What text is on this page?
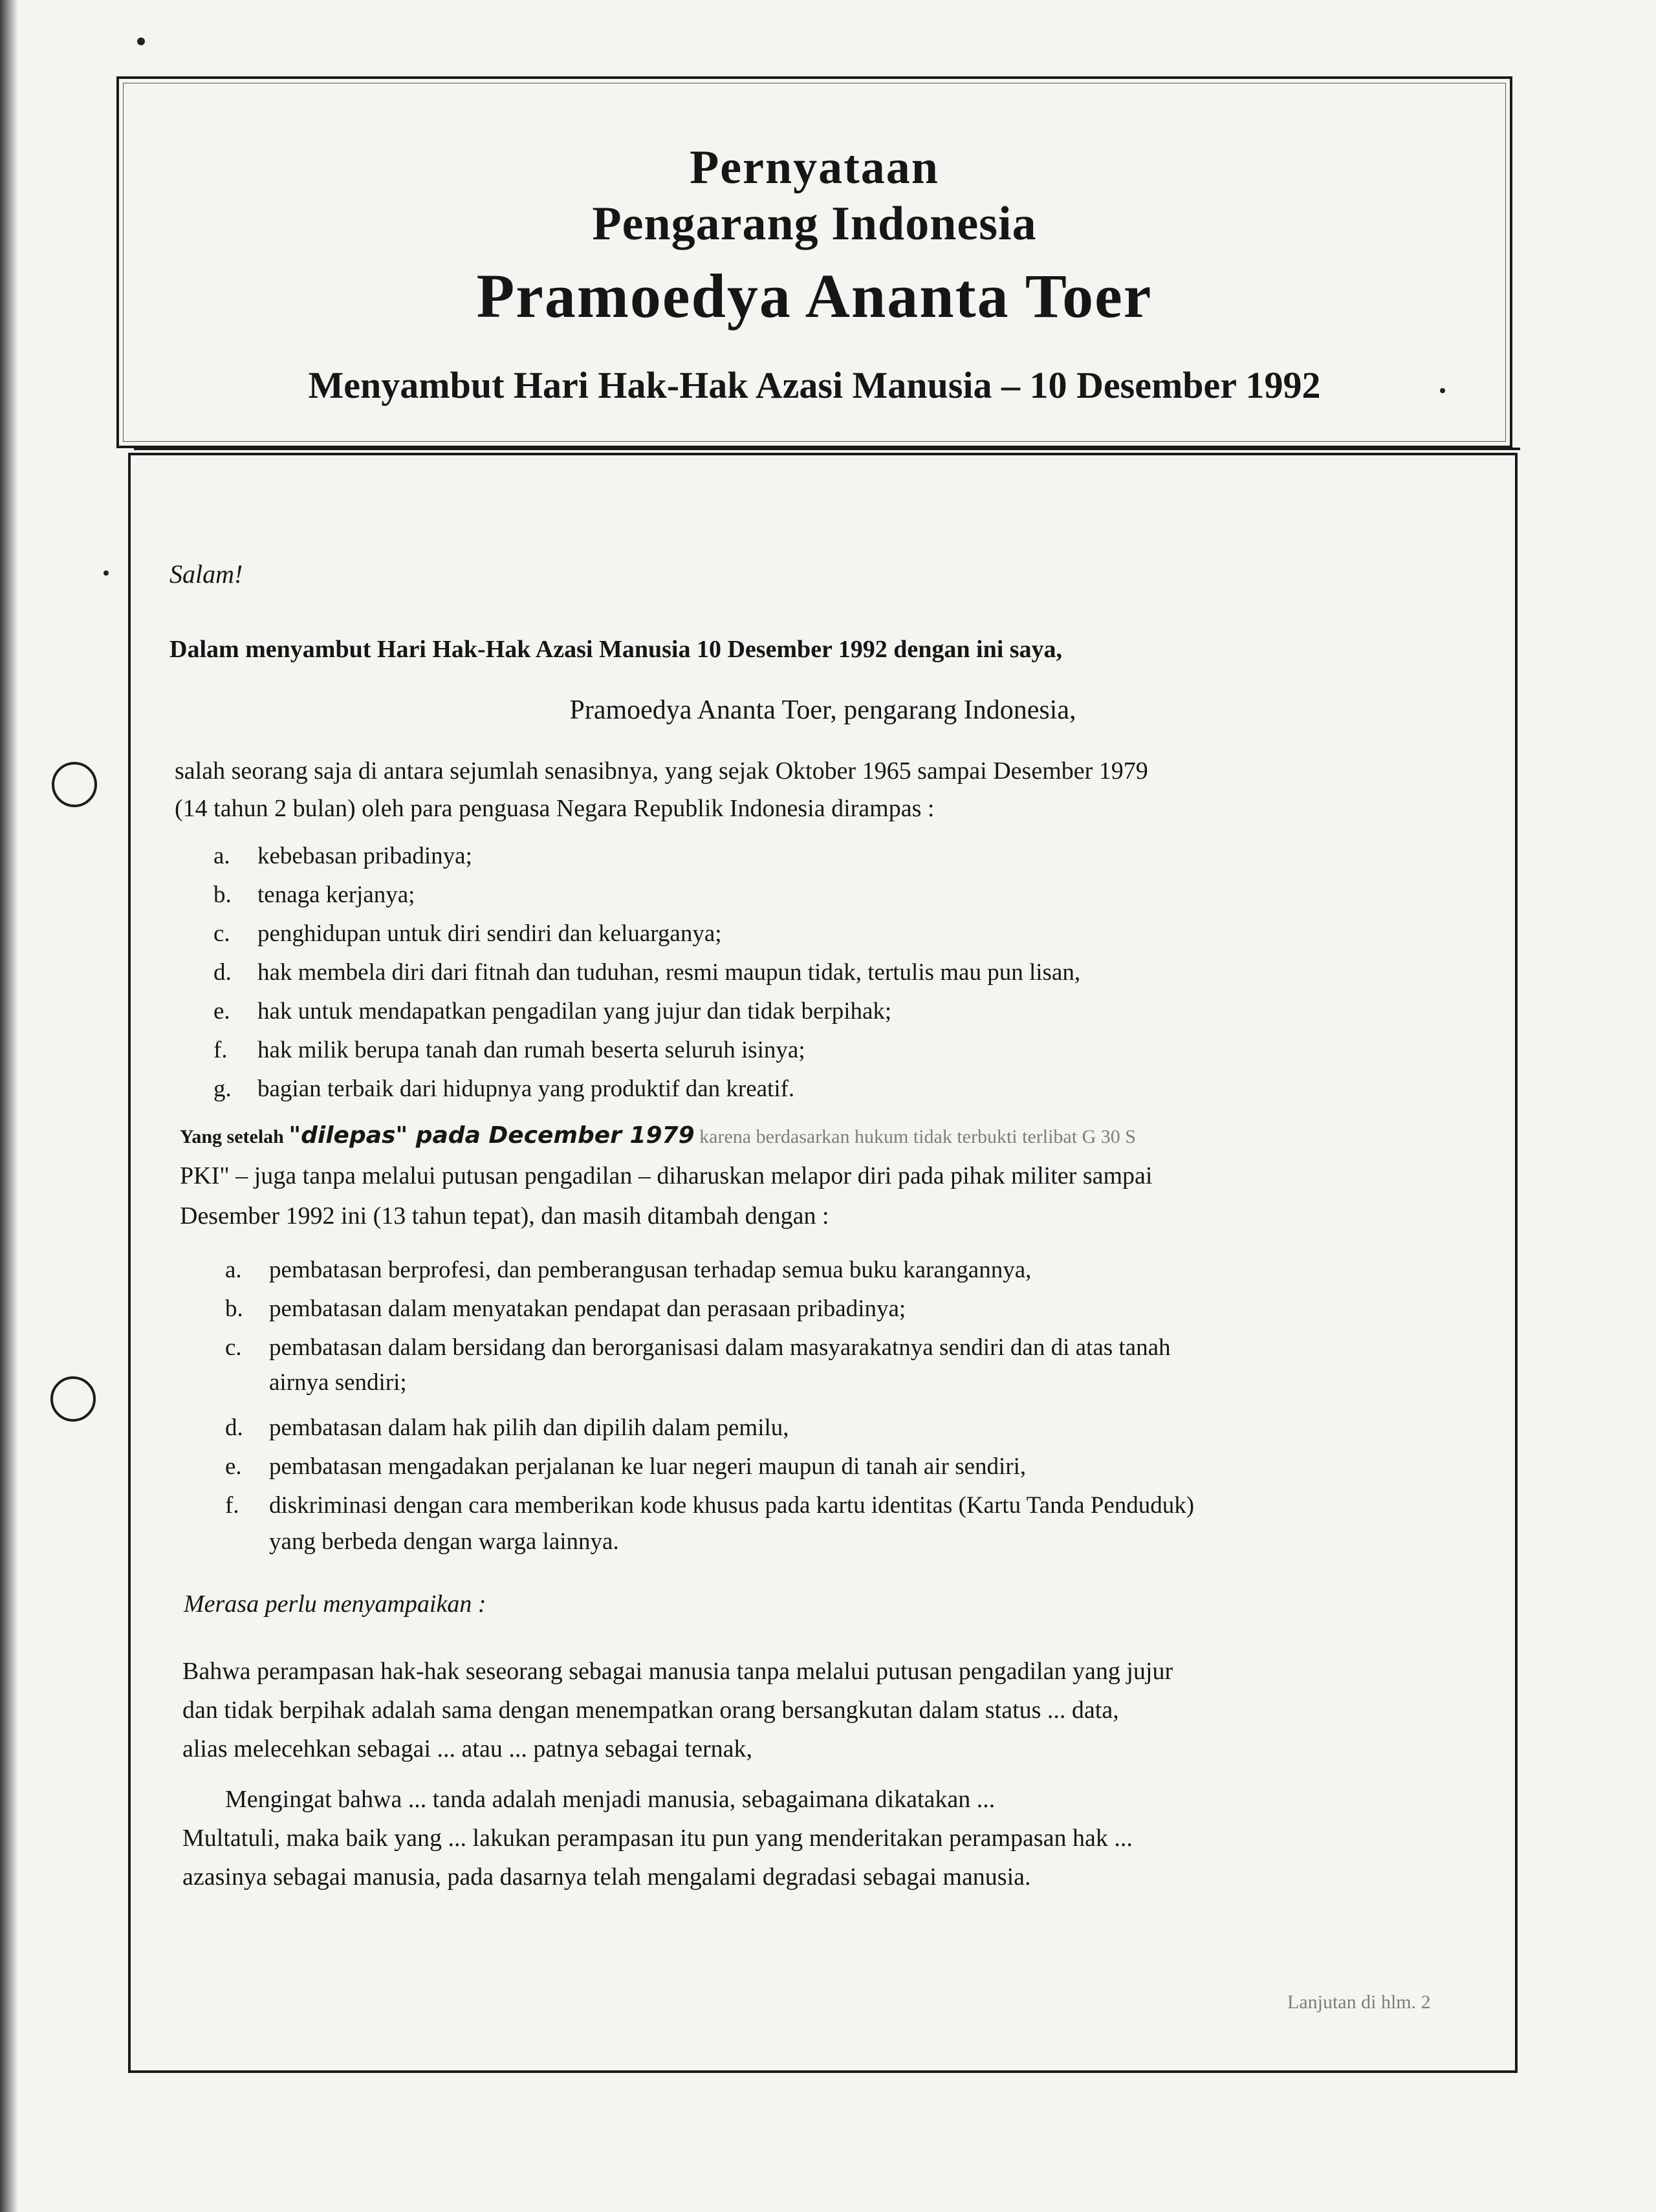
Pernyataan
Pengarang Indonesia
Pramoedya Ananta Toer
Menyambut Hari Hak-Hak Azasi Manusia – 10 Desember 1992
Salam!
Dalam menyambut Hari Hak-Hak Azasi Manusia 10 Desember 1992 dengan ini saya,
Pramoedya Ananta Toer, pengarang Indonesia,
salah seorang saja di antara sejumlah senasibnya, yang sejak Oktober 1965 sampai Desember 1979
(14 tahun 2 bulan) oleh para penguasa Negara Republik Indonesia dirampas :
a. kebebasan pribadinya;
b. tenaga kerjanya;
c. penghidupan untuk diri sendiri dan keluarganya;
d. hak membela diri dari fitnah dan tuduhan, resmi maupun tidak, tertulis mau pun lisan,
e. hak untuk mendapatkan pengadilan yang jujur dan tidak berpihak;
f. hak milik berupa tanah dan rumah beserta seluruh isinya;
g. bagian terbaik dari hidupnya yang produktif dan kreatif.
Yang setelah "dilepas" pada December 1979 karena berdasarkan hukum tidak terbukti terlibat G 30 S
PKI" – juga tanpa melalui putusan pengadilan – diharuskan melapor diri pada pihak militer sampai
Desember 1992 ini (13 tahun tepat), dan masih ditambah dengan :
a. pembatasan berprofesi, dan pemberangusan terhadap semua buku karangannya,
b. pembatasan dalam menyatakan pendapat dan perasaan pribadinya;
c. pembatasan dalam bersidang dan berorganisasi dalam masyarakatnya sendiri dan di atas tanah
airnya sendiri;
d. pembatasan dalam hak pilih dan dipilih dalam pemilu,
e. pembatasan mengadakan perjalanan ke luar negeri maupun di tanah air sendiri,
f. diskriminasi dengan cara memberikan kode khusus pada kartu identitas (Kartu Tanda Penduduk)
yang berbeda dengan warga lainnya.
Merasa perlu menyampaikan :
Bahwa perampasan hak-hak seseorang sebagai manusia tanpa melalui putusan pengadilan yang jujur
dan tidak berpihak adalah sama dengan menempatkan orang bersangkutan dalam status ... data,
alias melecehkan sebagai ... atau ... patnya sebagai ternak,
Mengingat bahwa ... tanda adalah menjadi manusia, sebagaimana dikatakan ...
Multatuli, maka baik yang ... lakukan perampasan itu pun yang menderitakan perampasan hak ...
azasinya sebagai manusia, pada dasarnya telah mengalami degradasi sebagai manusia.
Lanjutan di hlm. 2
